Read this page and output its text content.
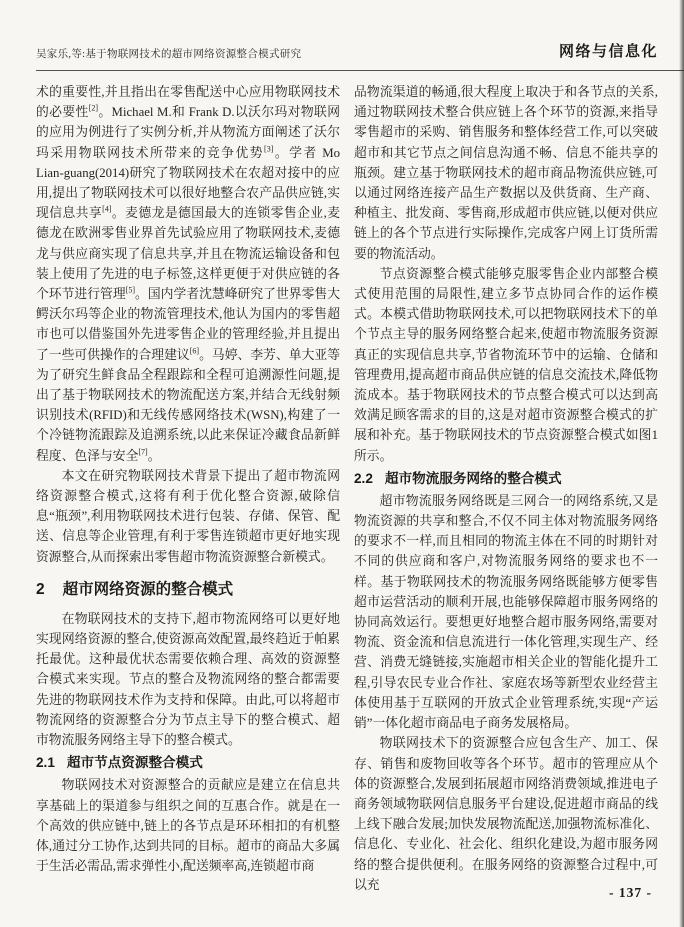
吴家乐,等:基于物联网技术的超市网络资源整合模式研究	网络与信息化

术的重要性,并且指出在零售配送中心应用物联网技术的必要性[2]。Michael M.和 Frank D.以沃尔玛对物联网的应用为例进行了实例分析,并从物流方面阐述了沃尔玛采用物联网技术所带来的竞争优势[3]。学者 Mo Lian-guang(2014)研究了物联网技术在农超对接中的应用,提出了物联网技术可以很好地整合农产品供应链,实现信息共享[4]。麦德龙是德国最大的连锁零售企业,麦德龙在欧洲零售业界首先试验应用了物联网技术,麦德龙与供应商实现了信息共享,并且在物流运输设备和包装上使用了先进的电子标签,这样更便于对供应链的各个环节进行管理[5]。国内学者沈慧峰研究了世界零售大鳄沃尔玛等企业的物流管理技术,他认为国内的零售超市也可以借鉴国外先进零售企业的管理经验,并且提出了一些可供操作的合理建议[6]。马婷、李芳、单大亚等为了研究生鲜食品全程跟踪和全程可追溯源性问题,提出了基于物联网技术的物流配送方案,并结合无线射频识别技术(RFID)和无线传感网络技术(WSN),构建了一个冷链物流跟踪及追溯系统,以此来保证冷藏食品新鲜程度、色泽与安全[7]。

本文在研究物联网技术背景下提出了超市物流网络资源整合模式,这将有利于优化整合资源,破除信息“瓶颈”,利用物联网技术进行包装、存储、保管、配送、信息等企业管理,有利于零售连锁超市更好地实现资源整合,从而探索出零售超市物流资源整合新模式。

2 超市网络资源的整合模式

在物联网技术的支持下,超市物流网络可以更好地实现网络资源的整合,使资源高效配置,最终趋近于帕累托最优。这种最优状态需要依赖合理、高效的资源整合模式来实现。节点的整合及物流网络的整合都需要先进的物联网技术作为支持和保障。由此,可以将超市物流网络的资源整合分为节点主导下的整合模式、超市物流服务网络主导下的整合模式。

2.1 超市节点资源整合模式

物联网技术对资源整合的贡献应是建立在信息共享基础上的渠道参与组织之间的互惠合作。就是在一个高效的供应链中,链上的各节点是环环相扣的有机整体,通过分工协作,达到共同的目标。超市的商品大多属于生活必需品,需求弹性小,配送频率高,连锁超市商

品物流渠道的畅通,很大程度上取决于和各节点的关系,通过物联网技术整合供应链上各个环节的资源,来指导零售超市的采购、销售服务和整体经营工作,可以突破超市和其它节点之间信息沟通不畅、信息不能共享的瓶颈。建立基于物联网技术的超市商品物流供应链,可以通过网络连接产品生产数据以及供货商、生产商、种植主、批发商、零售商,形成超市供应链,以便对供应链上的各个节点进行实际操作,完成客户网上订货所需要的物流活动。

节点资源整合模式能够克服零售企业内部整合模式使用范围的局限性,建立多节点协同合作的运作模式。本模式借助物联网技术,可以把物联网技术下的单个节点主导的服务网络整合起来,使超市物流服务资源真正的实现信息共享,节省物流环节中的运输、仓储和管理费用,提高超市商品供应链的信息交流技术,降低物流成本。基于物联网技术的节点整合模式可以达到高效满足顾客需求的目的,这是对超市资源整合模式的扩展和补充。基于物联网技术的节点资源整合模式如图1所示。

2.2 超市物流服务网络的整合模式

超市物流服务网络既是三网合一的网络系统,又是物流资源的共享和整合,不仅不同主体对物流服务网络的要求不一样,而且相同的物流主体在不同的时期针对不同的供应商和客户,对物流服务网络的要求也不一样。基于物联网技术的物流服务网络既能够方便零售超市运营活动的顺利开展,也能够保障超市服务网络的协同高效运行。要想更好地整合超市服务网络,需要对物流、资金流和信息流进行一体化管理,实现生产、经营、消费无缝链接,实施超市相关企业的智能化提升工程,引导农民专业合作社、家庭农场等新型农业经营主体使用基于互联网的开放式企业管理系统,实现“产运销”一体化超市商品电子商务发展格局。

物联网技术下的资源整合应包含生产、加工、保存、销售和废物回收等各个环节。超市的管理应从个体的资源整合,发展到拓展超市网络消费领域,推进电子商务领域物联网信息服务平台建设,促进超市商品的线上线下融合发展;加快发展物流配送,加强物流标准化、信息化、专业化、社会化、组织化建设,为超市服务网络的整合提供便利。在服务网络的资源整合过程中,可以充

- 137 -
